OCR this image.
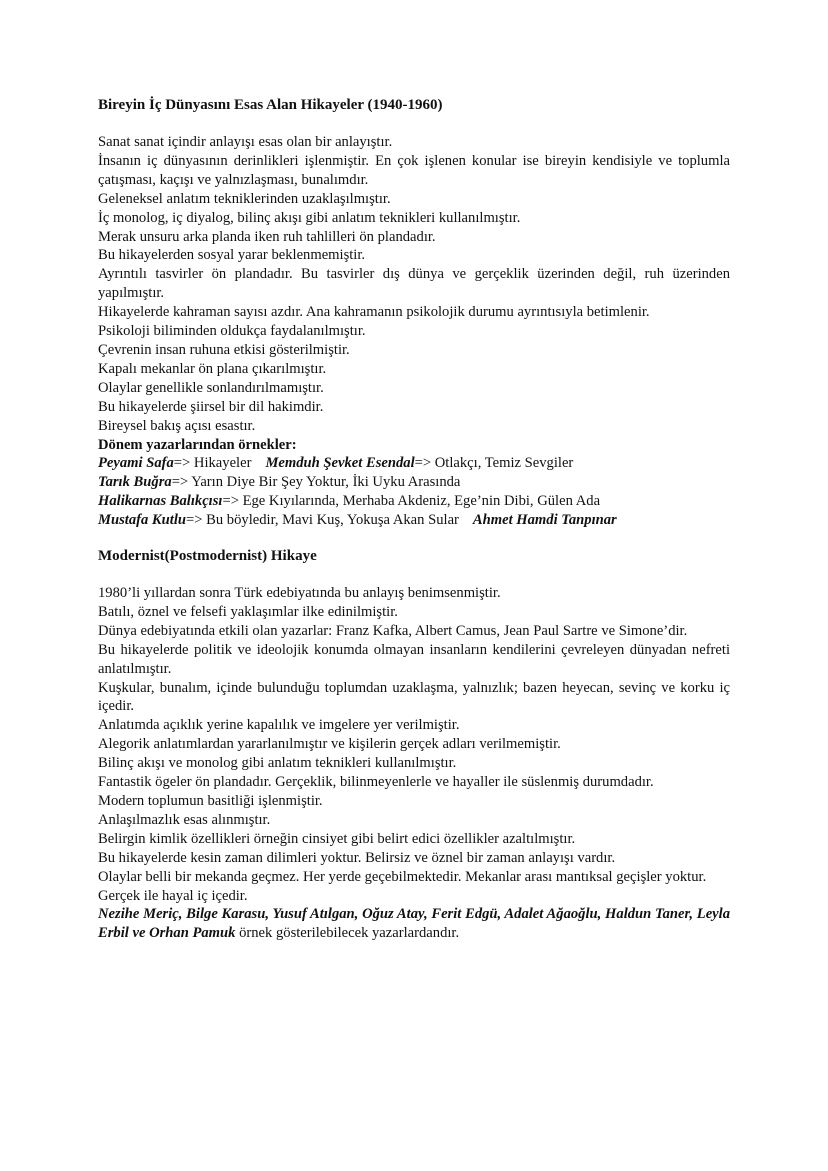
Bireyin İç Dünyasını Esas Alan Hikayeler (1940-1960)

Sanat sanat içindir anlayışı esas olan bir anlayıştır.

İnsanın iç dünyasının derinlikleri işlenmiştir. En çok işlenen konular ise bireyin kendisiyle ve toplumla çatışması, kaçışı ve yalnızlaşması, bunalımdır.

Geleneksel anlatım tekniklerinden uzaklaşılmıştır.

İç monolog, iç diyalog, bilinç akışı gibi anlatım teknikleri kullanılmıştır.

Merak unsuru arka planda iken ruh tahlilleri ön plandadır.

Bu hikayelerden sosyal yarar beklenmemiştir.

Ayrıntılı tasvirler ön plandadır. Bu tasvirler dış dünya ve gerçeklik üzerinden değil, ruh üzerinden yapılmıştır.

Hikayelerde kahraman sayısı azdır. Ana kahramanın psikolojik durumu ayrıntısıyla betimlenir.

Psikoloji biliminden oldukça faydalanılmıştır.

Çevrenin insan ruhuna etkisi gösterilmiştir.

Kapalı mekanlar ön plana çıkarılmıştır.

Olaylar genellikle sonlandırılmamıştır.

Bu hikayelerde şiirsel bir dil hakimdir.

Bireysel bakış açısı esastır.

Dönem yazarlarından örnekler:

Peyami Safa=> Hikayeler Memduh Şevket Esendal=> Otlakçı, Temiz Sevgiler

Tarık Buğra=> Yarın Diye Bir Şey Yoktur, İki Uyku Arasında

Halikarnas Balıkçısı=> Ege Kıyılarında, Merhaba Akdeniz, Ege’nin Dibi, Gülen Ada

Mustafa Kutlu=> Bu böyledir, Mavi Kuş, Yokuşa Akan Sular Ahmet Hamdi Tanpınar

Modernist(Postmodernist) Hikaye

1980’li yıllardan sonra Türk edebiyatında bu anlayış benimsenmiştir.

Batılı, öznel ve felsefi yaklaşımlar ilke edinilmiştir.

Dünya edebiyatında etkili olan yazarlar: Franz Kafka, Albert Camus, Jean Paul Sartre ve Simone’dir.

Bu hikayelerde politik ve ideolojik konumda olmayan insanların kendilerini çevreleyen dünyadan nefreti anlatılmıştır.

Kuşkular, bunalım, içinde bulunduğu toplumdan uzaklaşma, yalnızlık; bazen heyecan, sevinç ve korku iç içedir.

Anlatımda açıklık yerine kapalılık ve imgelere yer verilmiştir.

Alegorik anlatımlardan yararlanılmıştır ve kişilerin gerçek adları verilmemiştir.

Bilinç akışı ve monolog gibi anlatım teknikleri kullanılmıştır.

Fantastik ögeler ön plandadır. Gerçeklik, bilinmeyenlerle ve hayaller ile süslenmiş durumdadır.

Modern toplumun basitliği işlenmiştir.

Anlaşılmazlık esas alınmıştır.

Belirgin kimlik özellikleri örneğin cinsiyet gibi belirt edici özellikler azaltılmıştır.

Bu hikayelerde kesin zaman dilimleri yoktur. Belirsiz ve öznel bir zaman anlayışı vardır.

Olaylar belli bir mekanda geçmez. Her yerde geçebilmektedir. Mekanlar arası mantıksal geçişler yoktur.

Gerçek ile hayal iç içedir.

Nezihe Meriç, Bilge Karasu, Yusuf Atılgan, Oğuz Atay, Ferit Edgü, Adalet Ağaoğlu, Haldun Taner, Leyla Erbil ve Orhan Pamuk örnek gösterilebilecek yazarlardandır.
